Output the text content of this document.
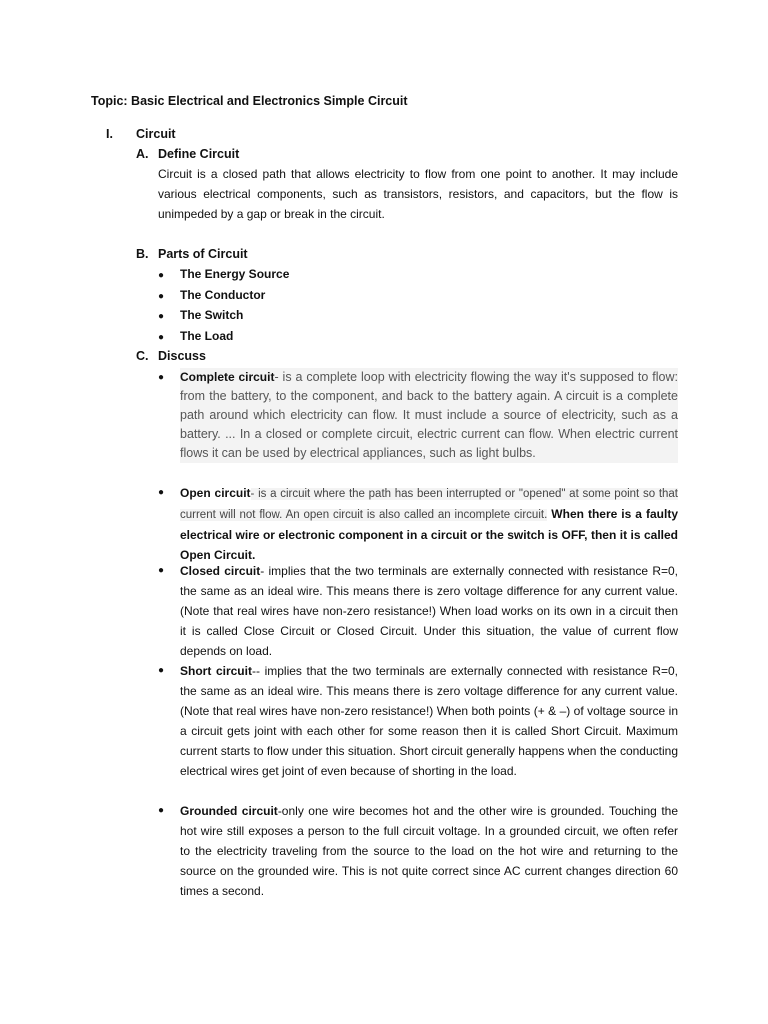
Topic: Basic Electrical and Electronics Simple Circuit
I. Circuit
A. Define Circuit
Circuit is a closed path that allows electricity to flow from one point to another. It may include various electrical components, such as transistors, resistors, and capacitors, but the flow is unimpeded by a gap or break in the circuit.
B. Parts of Circuit
● The Energy Source
● The Conductor
● The Switch
● The Load
C. Discuss
●	Complete circuit- is a complete loop with electricity flowing the way it's supposed to flow: from the battery, to the component, and back to the battery again. A circuit is a complete path around which electricity can flow. It must include a source of electricity, such as a battery. ... In a closed or complete circuit, electric current can flow. When electric current flows it can be used by electrical appliances, such as light bulbs.
●	Open circuit- is a circuit where the path has been interrupted or "opened" at some point so that current will not flow. An open circuit is also called an incomplete circuit. When there is a faulty electrical wire or electronic component in a circuit or the switch is OFF, then it is called Open Circuit.
●	Closed circuit- implies that the two terminals are externally connected with resistance R=0, the same as an ideal wire. This means there is zero voltage difference for any current value. (Note that real wires have non-zero resistance!) When load works on its own in a circuit then it is called Close Circuit or Closed Circuit. Under this situation, the value of current flow depends on load.
●	Short circuit-- implies that the two terminals are externally connected with resistance R=0, the same as an ideal wire. This means there is zero voltage difference for any current value. (Note that real wires have non-zero resistance!) When both points (+ & –) of voltage source in a circuit gets joint with each other for some reason then it is called Short Circuit. Maximum current starts to flow under this situation. Short circuit generally happens when the conducting electrical wires get joint of even because of shorting in the load.
●	Grounded circuit-only one wire becomes hot and the other wire is grounded. Touching the hot wire still exposes a person to the full circuit voltage. In a grounded circuit, we often refer to the electricity traveling from the source to the load on the hot wire and returning to the source on the grounded wire. This is not quite correct since AC current changes direction 60 times a second.
